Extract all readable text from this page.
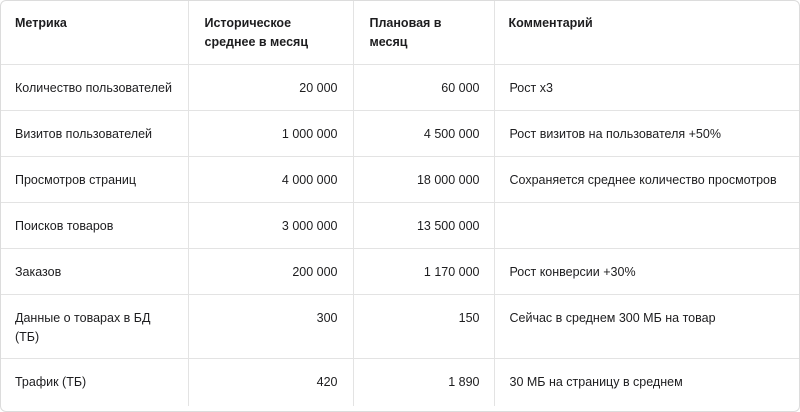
Метрика	Историческое среднее в месяц	Плановая в месяц	Комментарий
Количество пользователей	20 000	60 000	Рост x3
Визитов пользователей	1 000 000	4 500 000	Рост визитов на пользователя +50%
Просмотров страниц	4 000 000	18 000 000	Сохраняется среднее количество просмотров
Поисков товаров	3 000 000	13 500 000	
Заказов	200 000	1 170 000	Рост конверсии +30%
Данные о товарах в БД (ТБ)	300	150	Сейчас в среднем 300 МБ на товар
Трафик (ТБ)	420	1 890	30 МБ на страницу в среднем
